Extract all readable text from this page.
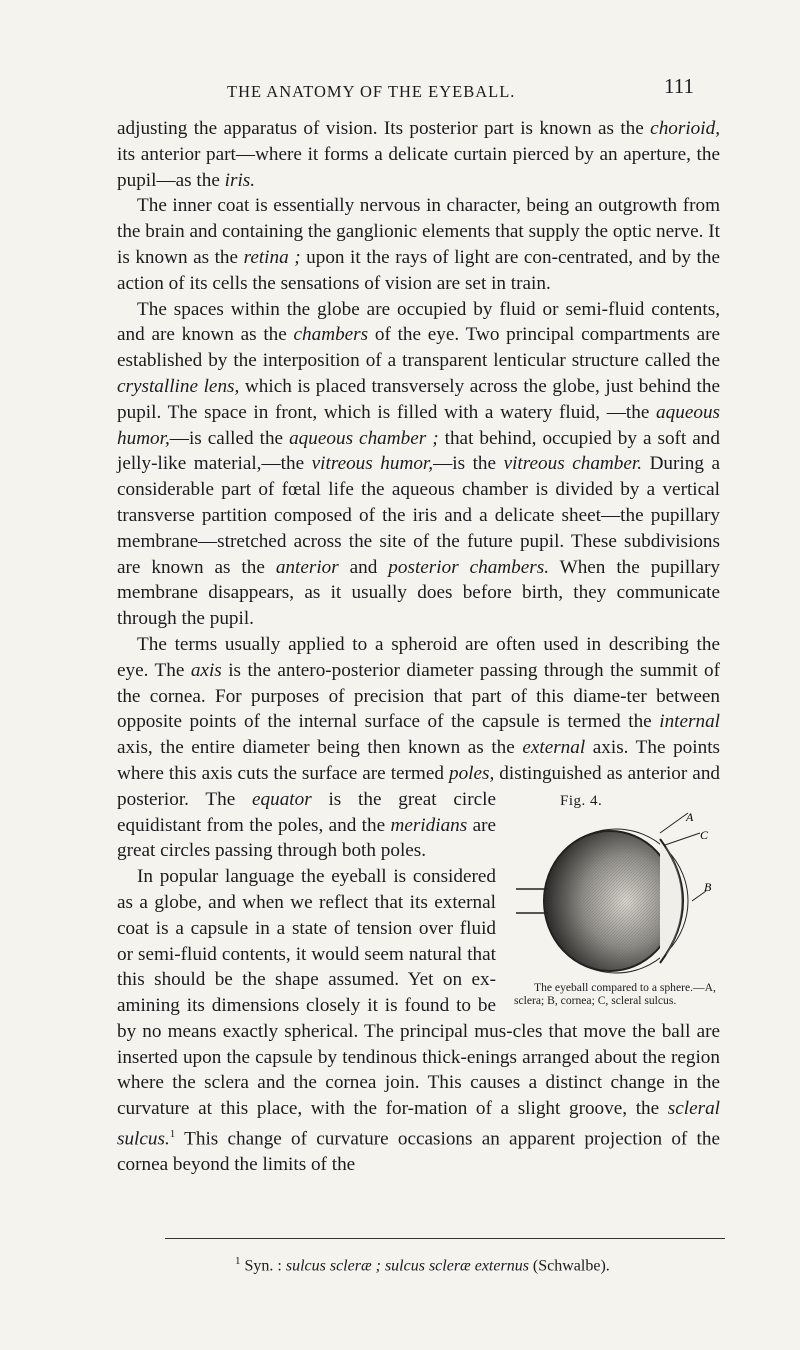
THE ANATOMY OF THE EYEBALL.	111

adjusting the apparatus of vision. Its posterior part is known as the chorioid, its anterior part—where it forms a delicate curtain pierced by an aperture, the pupil—as the iris.

The inner coat is essentially nervous in character, being an outgrowth from the brain and containing the ganglionic elements that supply the optic nerve. It is known as the retina ; upon it the rays of light are con-centrated, and by the action of its cells the sensations of vision are set in train.

The spaces within the globe are occupied by fluid or semi-fluid contents, and are known as the chambers of the eye. Two principal compartments are established by the interposition of a transparent lenticular structure called the crystalline lens, which is placed transversely across the globe, just behind the pupil. The space in front, which is filled with a watery fluid, —the aqueous humor,—is called the aqueous chamber ; that behind, occupied by a soft and jelly-like material,—the vitreous humor,—is the vitreous chamber. During a considerable part of fœtal life the aqueous chamber is divided by a vertical transverse partition composed of the iris and a delicate sheet—the pupillary membrane—stretched across the site of the future pupil. These subdivisions are known as the anterior and posterior chambers. When the pupillary membrane disappears, as it usually does before birth, they communicate through the pupil.

The terms usually applied to a spheroid are often used in describing the eye. The axis is the antero-posterior diameter passing through the summit of the cornea. For purposes of precision that part of this diame-ter between opposite points of the internal surface of the capsule is termed the internal axis, the entire diameter being then known as the external axis. The points where this axis cuts the surface are termed poles, distinguished as anterior and posterior. The	Fig. 4.
A
C
B
The eyeball compared to a sphere.—A, sclera; B, cornea; C, scleral sulcus.
equator is the great circle equidistant from the poles, and the meridians are great circles passing through both poles.

In popular language the eyeball is considered as a globe, and when we reflect that its external coat is a capsule in a state of tension over fluid or semi-fluid contents, it would seem natural that this should be the shape assumed. Yet on ex-amining its dimensions closely it is found to be by no means exactly spherical. The principal mus-cles that move the ball are inserted upon the capsule by tendinous thick-enings arranged about the region where the sclera and the cornea join. This causes a distinct change in the curvature at this place, with the for-mation of a slight groove, the scleral sulcus.$^1$ This change of curvature occasions an apparent projection of the cornea beyond the limits of the

$^1$ Syn. : sulcus scleræ ; sulcus scleræ externus (Schwalbe).
